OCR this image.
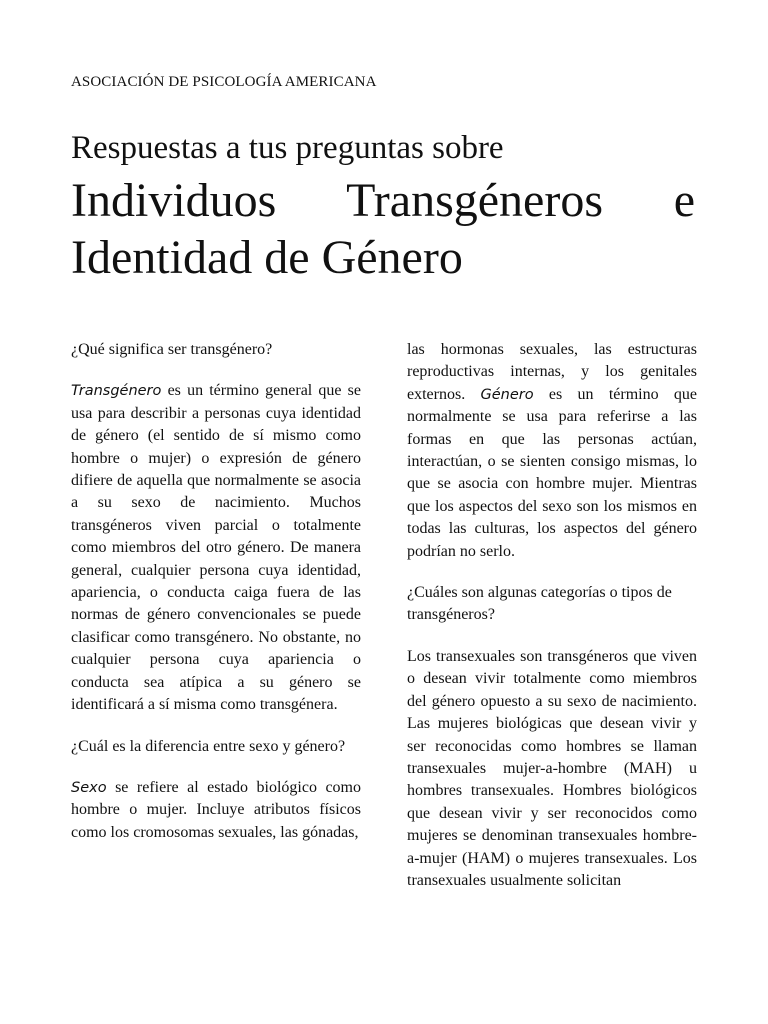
ASOCIACIÓN DE PSICOLOGÍA AMERICANA
Respuestas a tus preguntas sobre
Individuos Transgéneros e
Identidad de Género

¿Qué significa ser transgénero?

Transgénero es un término general que se usa para describir a personas cuya identidad de género (el sentido de sí mismo como hombre o mujer) o expresión de género difiere de aquella que normalmente se asocia a su sexo de nacimiento. Muchos transgéneros viven parcial o totalmente como miembros del otro género. De manera general, cualquier persona cuya identidad, apariencia, o conducta caiga fuera de las normas de género convencionales se puede clasificar como transgénero. No obstante, no cualquier persona cuya apariencia o conducta sea atípica a su género se identificará a sí misma como transgénera.

¿Cuál es la diferencia entre sexo y género?

Sexo se refiere al estado biológico como hombre o mujer. Incluye atributos físicos como los cromosomas sexuales, las gónadas,

las hormonas sexuales, las estructuras reproductivas internas, y los genitales externos. Género es un término que normalmente se usa para referirse a las formas en que las personas actúan, interactúan, o se sienten consigo mismas, lo que se asocia con hombre mujer. Mientras que los aspectos del sexo son los mismos en todas las culturas, los aspectos del género podrían no serlo.

¿Cuáles son algunas categorías o tipos de transgéneros?

Los transexuales son transgéneros que viven o desean vivir totalmente como miembros del género opuesto a su sexo de nacimiento. Las mujeres biológicas que desean vivir y ser reconocidas como hombres se llaman transexuales mujer-a-hombre (MAH) u hombres transexuales. Hombres biológicos que desean vivir y ser reconocidos como mujeres se denominan transexuales hombre-a-mujer (HAM) o mujeres transexuales. Los transexuales usualmente solicitan
